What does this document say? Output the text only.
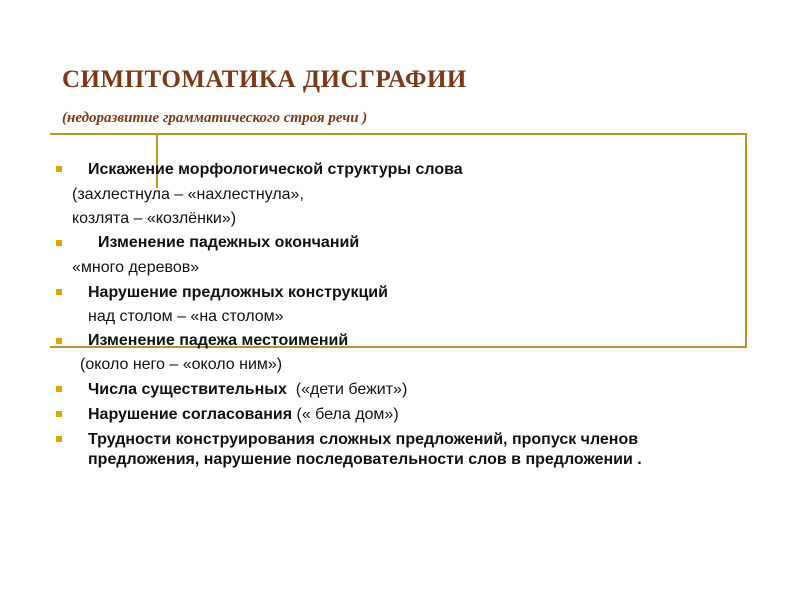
СИМПТОМАТИКА ДИСГРАФИИ
(недоразвитие грамматического строя речи )
Искажение морфологической структуры слова
(захлестнула – «нахлестнула»,
козлята – «козлёнки»)
Изменение падежных окончаний
«много деревов»
Нарушение предложных конструкций
над столом – «на столом»
Изменение падежа местоимений
(около него – «около ним»)
Числа существительных («дети бежит»)
Нарушение согласования (« бела дом»)
Трудности конструирования сложных предложений, пропуск членов предложения, нарушение последовательности слов в предложении .
